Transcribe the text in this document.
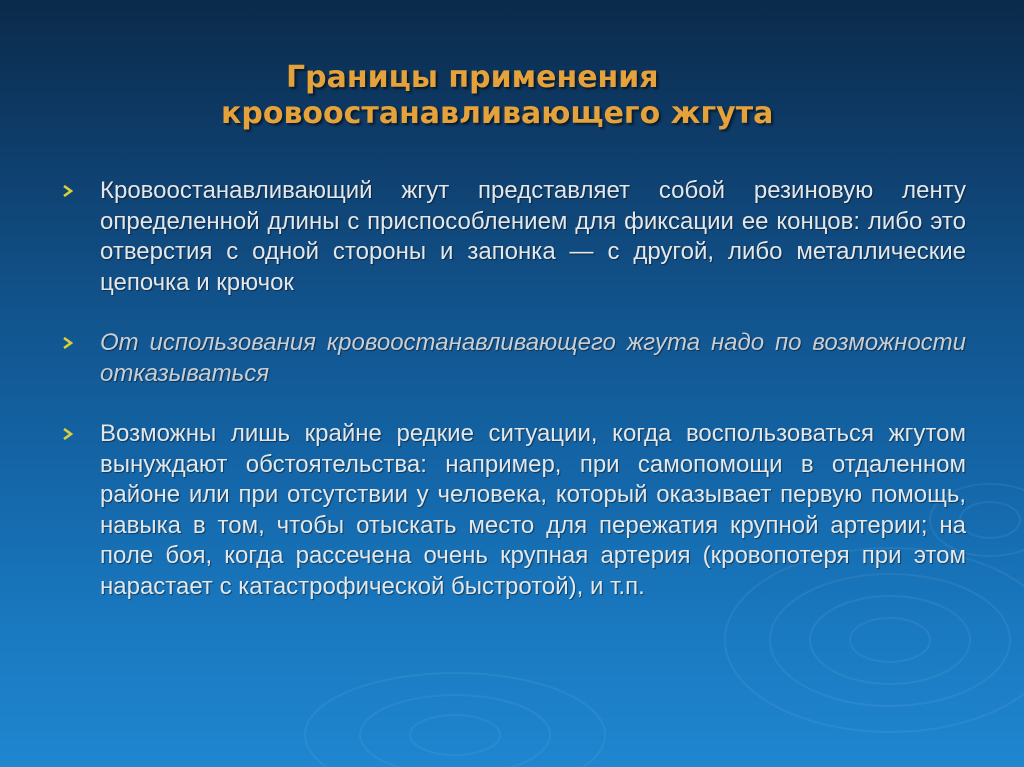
Границы применения
кровоостанавливающего жгута
Кровоостанавливающий жгут представляет собой резиновую ленту определенной длины с приспособлением для фиксации ее концов: либо это отверстия с одной стороны и запонка — с другой, либо металлические цепочка и крючок
От использования кровоостанавливающего жгута надо по возможности отказываться
Возможны лишь крайне редкие ситуации, когда воспользоваться жгутом вынуждают обстоятельства: например, при самопомощи в отдаленном районе или при отсутствии у человека, который оказывает первую помощь, навыка в том, чтобы отыскать место для пережатия крупной артерии; на поле боя, когда рассечена очень крупная артерия (кровопотеря при этом нарастает с катастрофической быстротой), и т.п.
